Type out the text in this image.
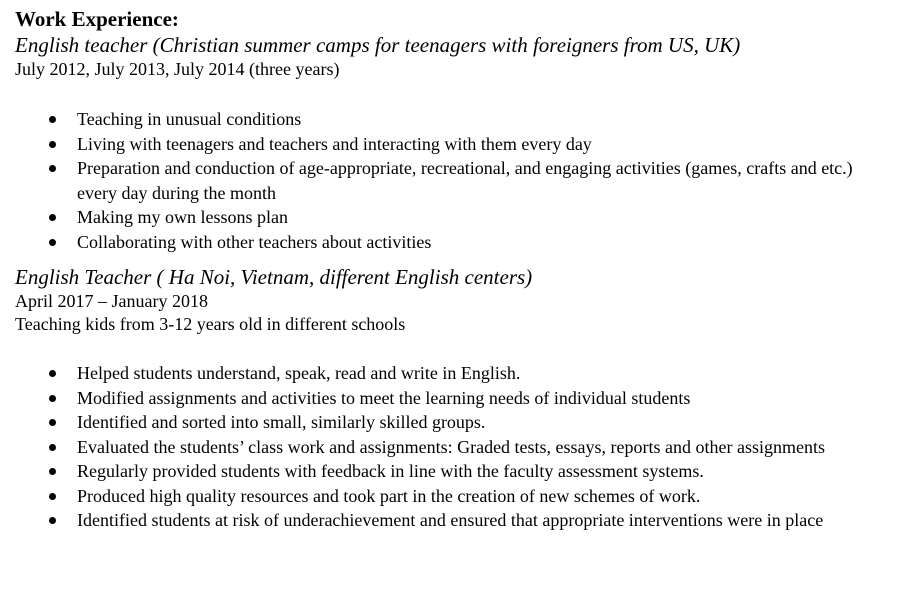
Work Experience:

English teacher (Christian summer camps for teenagers with foreigners from US, UK)

July 2012, July 2013, July 2014 (three years)

Teaching in unusual conditions
Living with teenagers and teachers and interacting with them every day
Preparation and conduction of age-appropriate, recreational, and engaging activities (games, crafts and etc.) every day during the month
Making my own lessons plan
Collaborating with other teachers about activities

English Teacher ( Ha Noi, Vietnam, different English centers)

April 2017 – January 2018

Teaching kids from 3-12 years old in different schools

Helped students understand, speak, read and write in English.
Modified assignments and activities to meet the learning needs of individual students
Identified and sorted into small, similarly skilled groups.
Evaluated the students’ class work and assignments: Graded tests, essays, reports and other assignments
Regularly provided students with feedback in line with the faculty assessment systems.
Produced high quality resources and took part in the creation of new schemes of work.
Identified students at risk of underachievement and ensured that appropriate interventions were in place
